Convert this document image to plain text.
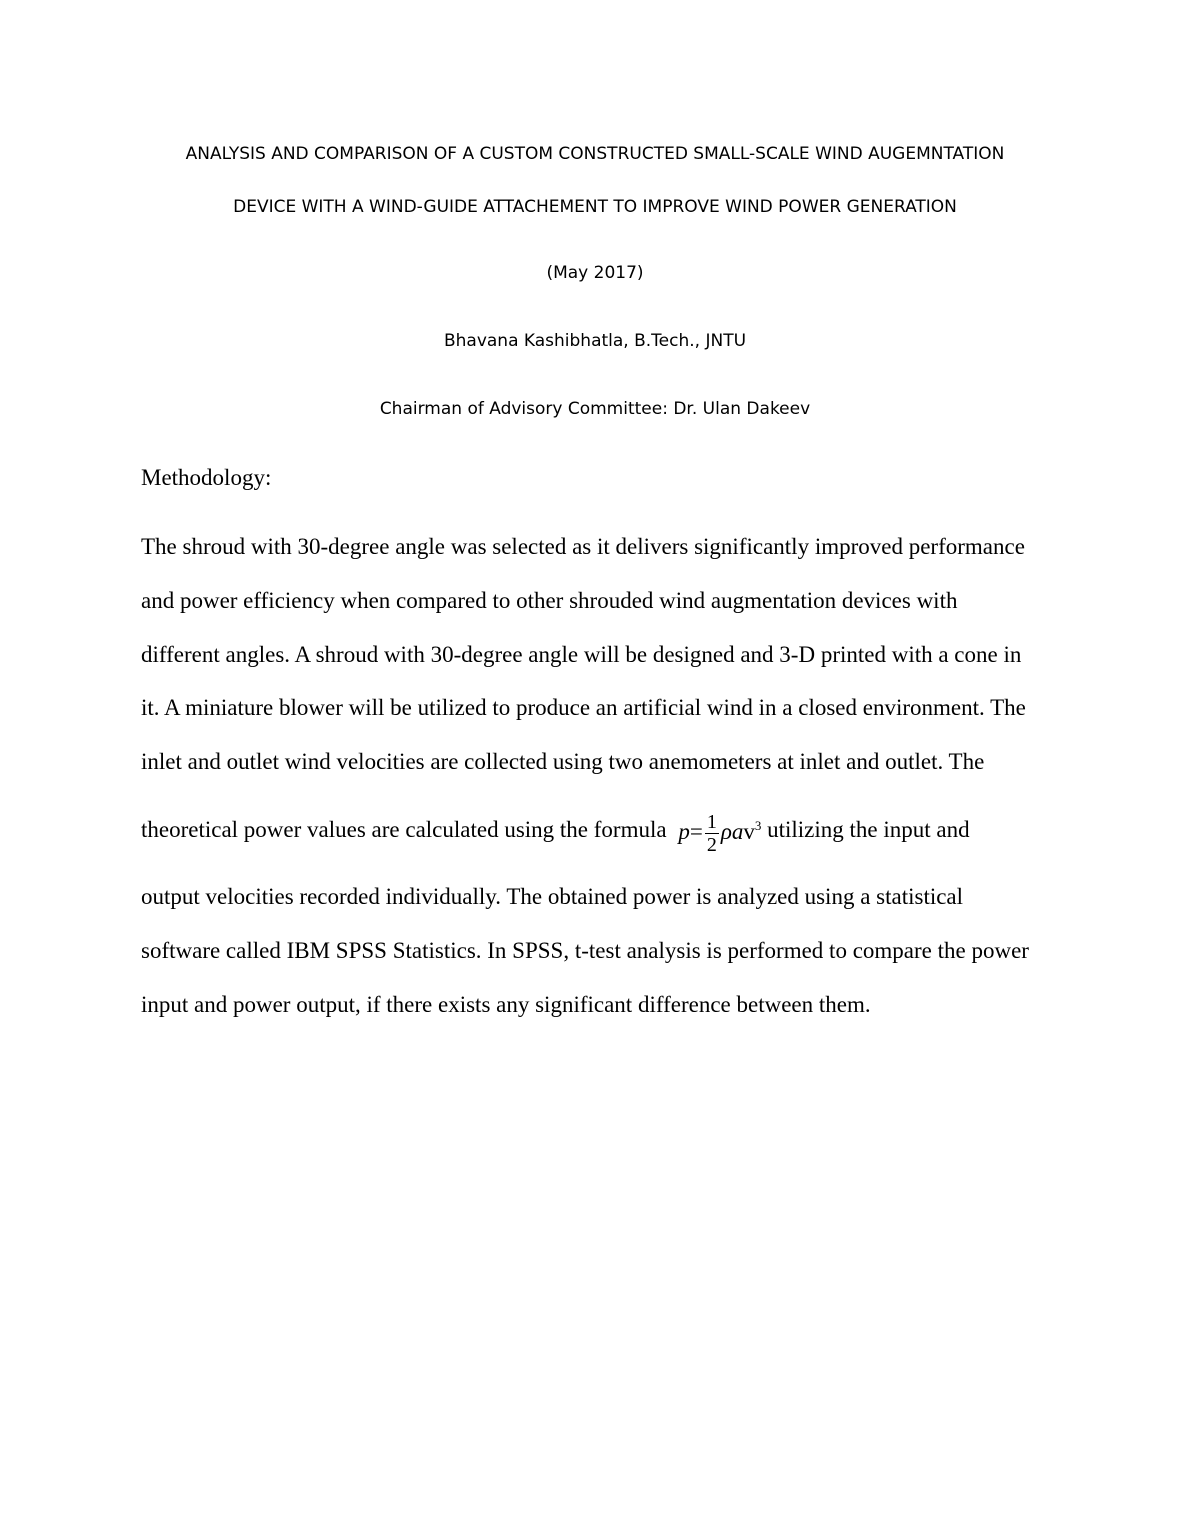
ANALYSIS AND COMPARISON OF A CUSTOM CONSTRUCTED SMALL-SCALE WIND AUGEMNTATION
DEVICE WITH A WIND-GUIDE ATTACHEMENT TO IMPROVE WIND POWER GENERATION
(May 2017)
Bhavana Kashibhatla, B.Tech., JNTU
Chairman of Advisory Committee: Dr. Ulan Dakeev
Methodology:
The shroud with 30-degree angle was selected as it delivers significantly improved performance
and power efficiency when compared to other shrouded wind augmentation devices with
different angles. A shroud with 30-degree angle will be designed and 3-D printed with a cone in
it. A miniature blower will be utilized to produce an artificial wind in a closed environment. The
inlet and outlet wind velocities are collected using two anemometers at inlet and outlet. The
theoretical power values are calculated using the formula $p= \frac{1}{2} \rho av^3$ utilizing the input and
output velocities recorded individually. The obtained power is analyzed using a statistical
software called IBM SPSS Statistics. In SPSS, t-test analysis is performed to compare the power
input and power output, if there exists any significant difference between them.
